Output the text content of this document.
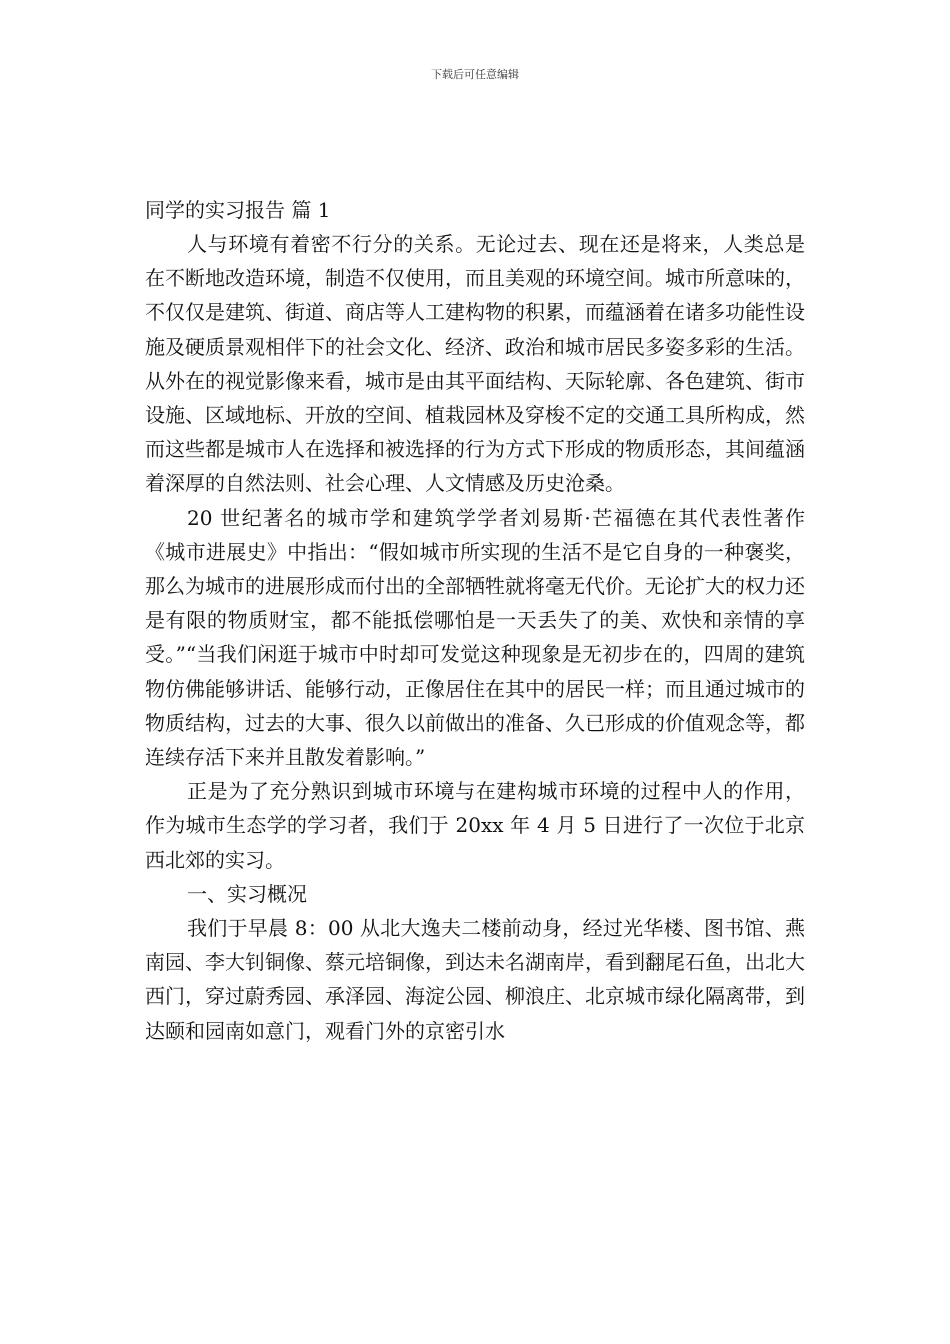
下载后可任意编辑
同学的实习报告 篇 1

人与环境有着密不行分的关系。无论过去、现在还是将来，人类总是在不断地改造环境，制造不仅使用，而且美观的环境空间。城市所意味的，不仅仅是建筑、街道、商店等人工建构物的积累，而蕴涵着在诸多功能性设施及硬质景观相伴下的社会文化、经济、政治和城市居民多姿多彩的生活。从外在的视觉影像来看，城市是由其平面结构、天际轮廓、各色建筑、街市设施、区域地标、开放的空间、植栽园林及穿梭不定的交通工具所构成，然而这些都是城市人在选择和被选择的行为方式下形成的物质形态，其间蕴涵着深厚的自然法则、社会心理、人文情感及历史沧桑。

20 世纪著名的城市学和建筑学学者刘易斯·芒福德在其代表性著作《城市进展史》中指出：“假如城市所实现的生活不是它自身的一种褒奖，那么为城市的进展形成而付出的全部牺牲就将毫无代价。无论扩大的权力还是有限的物质财宝，都不能抵偿哪怕是一天丢失了的美、欢快和亲情的享受。”“当我们闲逛于城市中时却可发觉这种现象是无初步在的，四周的建筑物仿佛能够讲话、能够行动，正像居住在其中的居民一样；而且通过城市的物质结构，过去的大事、很久以前做出的准备、久已形成的价值观念等，都连续存活下来并且散发着影响。”

正是为了充分熟识到城市环境与在建构城市环境的过程中人的作用，作为城市生态学的学习者，我们于 20xx 年 4 月 5 日进行了一次位于北京西北郊的实习。

一、实习概况

我们于早晨 8：00 从北大逸夫二楼前动身，经过光华楼、图书馆、燕南园、李大钊铜像、蔡元培铜像，到达未名湖南岸，看到翻尾石鱼，出北大西门，穿过蔚秀园、承泽园、海淀公园、柳浪庄、北京城市绿化隔离带，到达颐和园南如意门，观看门外的京密引水
